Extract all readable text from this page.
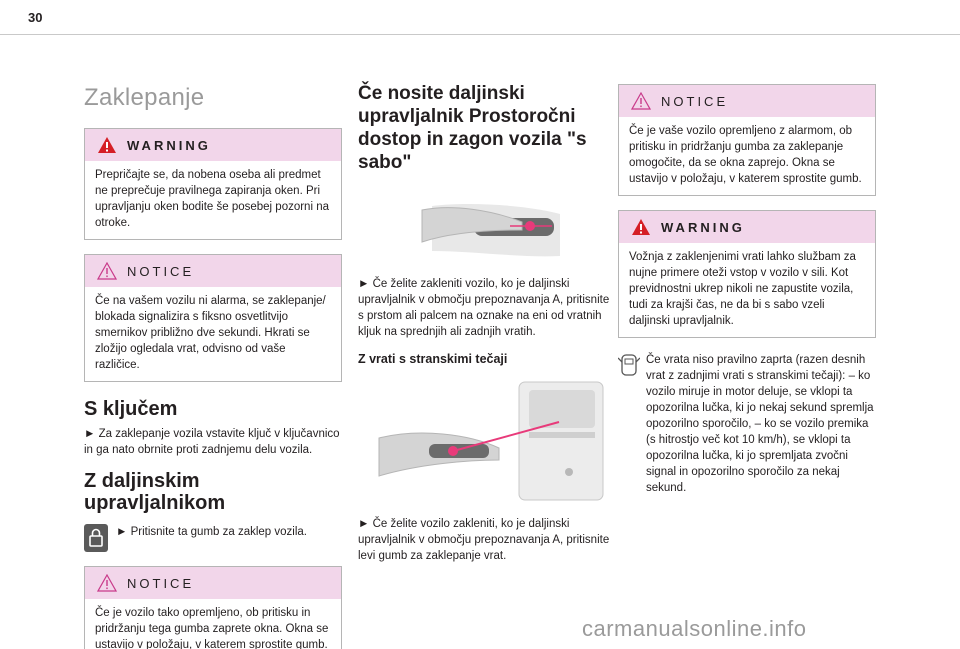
30
Zaklepanje
WARNING
Prepričajte se, da nobena oseba ali predmet ne preprečuje pravilnega zapiranja oken. Pri upravljanju oken bodite še posebej pozorni na otroke.
NOTICE
Če na vašem vozilu ni alarma, se zaklepanje/ blokada signalizira s fiksno osvetlitvijo smernikov približno dve sekundi. Hkrati se zložijo ogledala vrat, odvisno od vaše različice.
S ključem
► Za zaklepanje vozila vstavite ključ v ključavnico in ga nato obrnite proti zadnjemu delu vozila.
Z daljinskim upravljalnikom
► Pritisnite ta gumb za zaklep vozila.
NOTICE
Če je vozilo tako opremljeno, ob pritisku in pridržanju tega gumba zaprete okna. Okna se ustavijo v položaju, v katerem sprostite gumb.
Če nosite daljinski upravljalnik Prostoročni dostop in zagon vozila "s sabo"
► Če želite zakleniti vozilo, ko je daljinski upravljalnik v območju prepoznavanja A, pritisnite s prstom ali palcem na oznake na eni od vratnih kljuk na sprednjih ali zadnjih vratih.
Z vrati s stranskimi tečaji
► Če želite vozilo zakleniti, ko je daljinski upravljalnik v območju prepoznavanja A, pritisnite levi gumb za zaklepanje vrat.
NOTICE
Če je vaše vozilo opremljeno z alarmom, ob pritisku in pridržanju gumba za zaklepanje omogočite, da se okna zaprejo. Okna se ustavijo v položaju, v katerem sprostite gumb.
WARNING
Vožnja z zaklenjenimi vrati lahko službam za nujne primere oteži vstop v vozilo v sili. Kot previdnostni ukrep nikoli ne zapustite vozila, tudi za krajši čas, ne da bi s sabo vzeli daljinski upravljalnik.
Če vrata niso pravilno zaprta (razen desnih vrat z zadnjimi vrati s stranskimi tečaji): – ko vozilo miruje in motor deluje, se vklopi ta opozorilna lučka, ki jo nekaj sekund spremlja opozorilno sporočilo, – ko se vozilo premika (s hitrostjo več kot 10 km/h), se vklopi ta opozorilna lučka, ki jo spremljata zvočni signal in opozorilno sporočilo za nekaj sekund.
carmanualsonline.info
